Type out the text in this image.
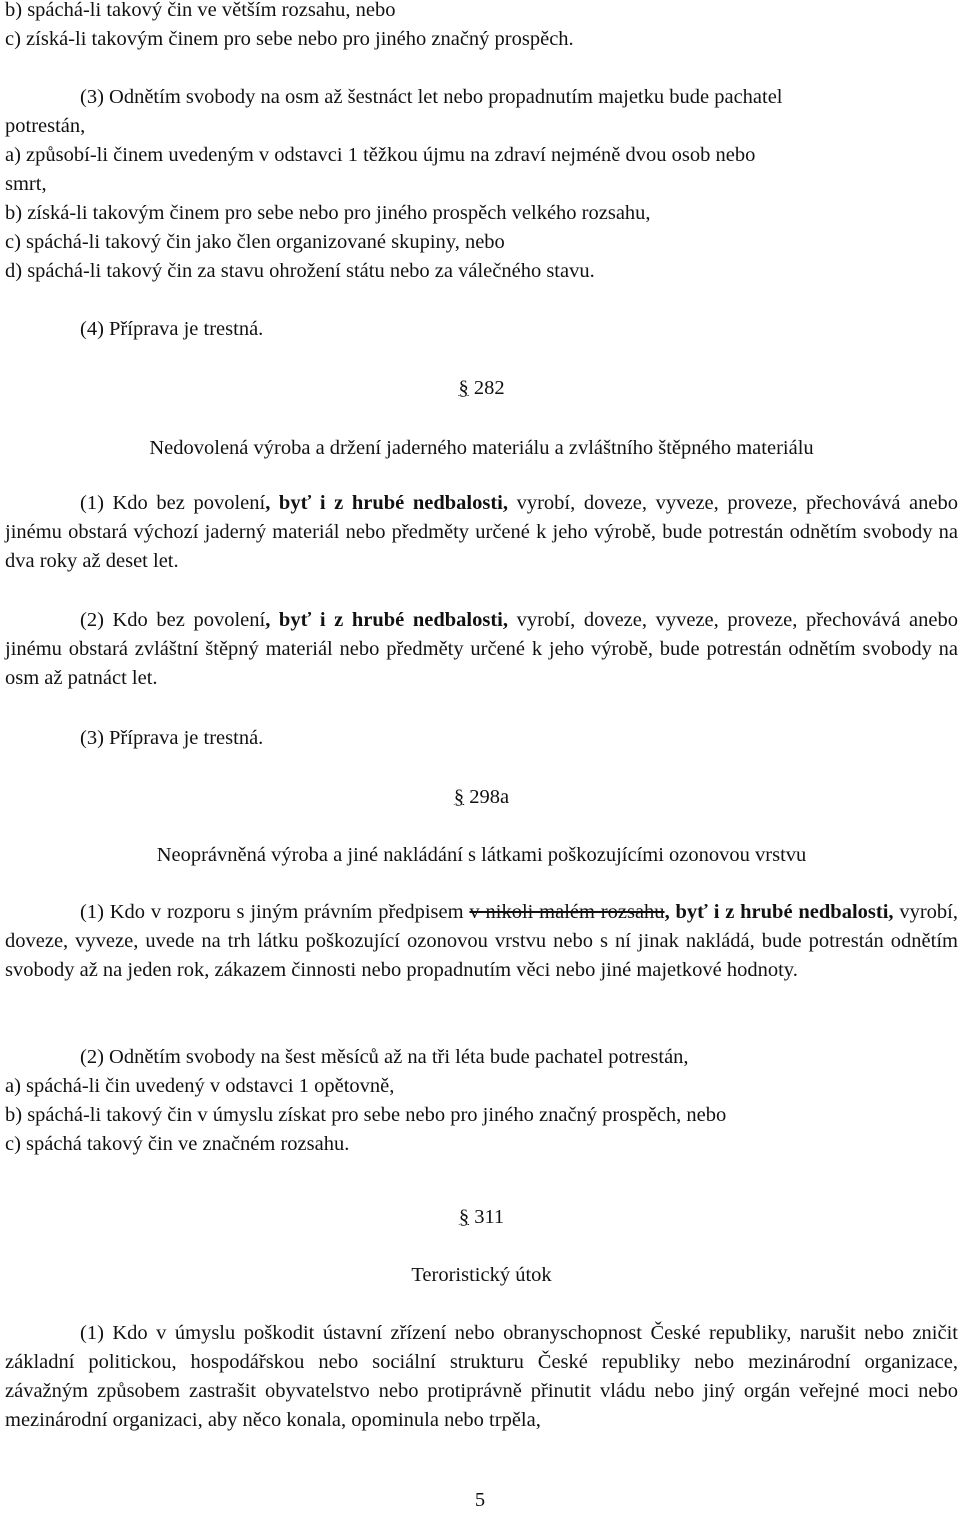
b) spáchá-li takový čin ve větším rozsahu, nebo
c) získá-li takovým činem pro sebe nebo pro jiného značný prospěch.
(3) Odnětím svobody na osm až šestnáct let nebo propadnutím majetku bude pachatel
potrestán,
a) způsobí-li činem uvedeným v odstavci 1 těžkou újmu na zdraví nejméně dvou osob nebo
smrt,
b) získá-li takovým činem pro sebe nebo pro jiného prospěch velkého rozsahu,
c) spáchá-li takový čin jako člen organizované skupiny, nebo
d) spáchá-li takový čin za stavu ohrožení státu nebo za válečného stavu.
(4) Příprava je trestná.
§ 282
Nedovolená výroba a držení jaderného materiálu a zvláštního štěpného materiálu
(1) Kdo bez povolení, byť i z hrubé nedbalosti, vyrobí, doveze, vyveze, proveze, přechovává anebo jinému obstará výchozí jaderný materiál nebo předměty určené k jeho výrobě, bude potrestán odnětím svobody na dva roky až deset let.
(2) Kdo bez povolení, byť i z hrubé nedbalosti, vyrobí, doveze, vyveze, proveze, přechovává anebo jinému obstará zvláštní štěpný materiál nebo předměty určené k jeho výrobě, bude potrestán odnětím svobody na osm až patnáct let.
(3) Příprava je trestná.
§ 298a
Neoprávněná výroba a jiné nakládání s látkami poškozujícími ozonovou vrstvu
(1) Kdo v rozporu s jiným právním předpisem v nikoli malém rozsahu, byť i z hrubé nedbalosti, vyrobí, doveze, vyveze, uvede na trh látku poškozující ozonovou vrstvu nebo s ní jinak nakládá, bude potrestán odnětím svobody až na jeden rok, zákazem činnosti nebo propadnutím věci nebo jiné majetkové hodnoty.
(2) Odnětím svobody na šest měsíců až na tři léta bude pachatel potrestán,
a) spáchá-li čin uvedený v odstavci 1 opětovně,
b) spáchá-li takový čin v úmyslu získat pro sebe nebo pro jiného značný prospěch, nebo
c) spáchá takový čin ve značném rozsahu.
§ 311
Teroristický útok
(1) Kdo v úmyslu poškodit ústavní zřízení nebo obranyschopnost České republiky, narušit nebo zničit základní politickou, hospodářskou nebo sociální strukturu České republiky nebo mezinárodní organizace, závažným způsobem zastrašit obyvatelstvo nebo protiprávně přinutit vládu nebo jiný orgán veřejné moci nebo mezinárodní organizaci, aby něco konala, opominula nebo trpěla,
5
